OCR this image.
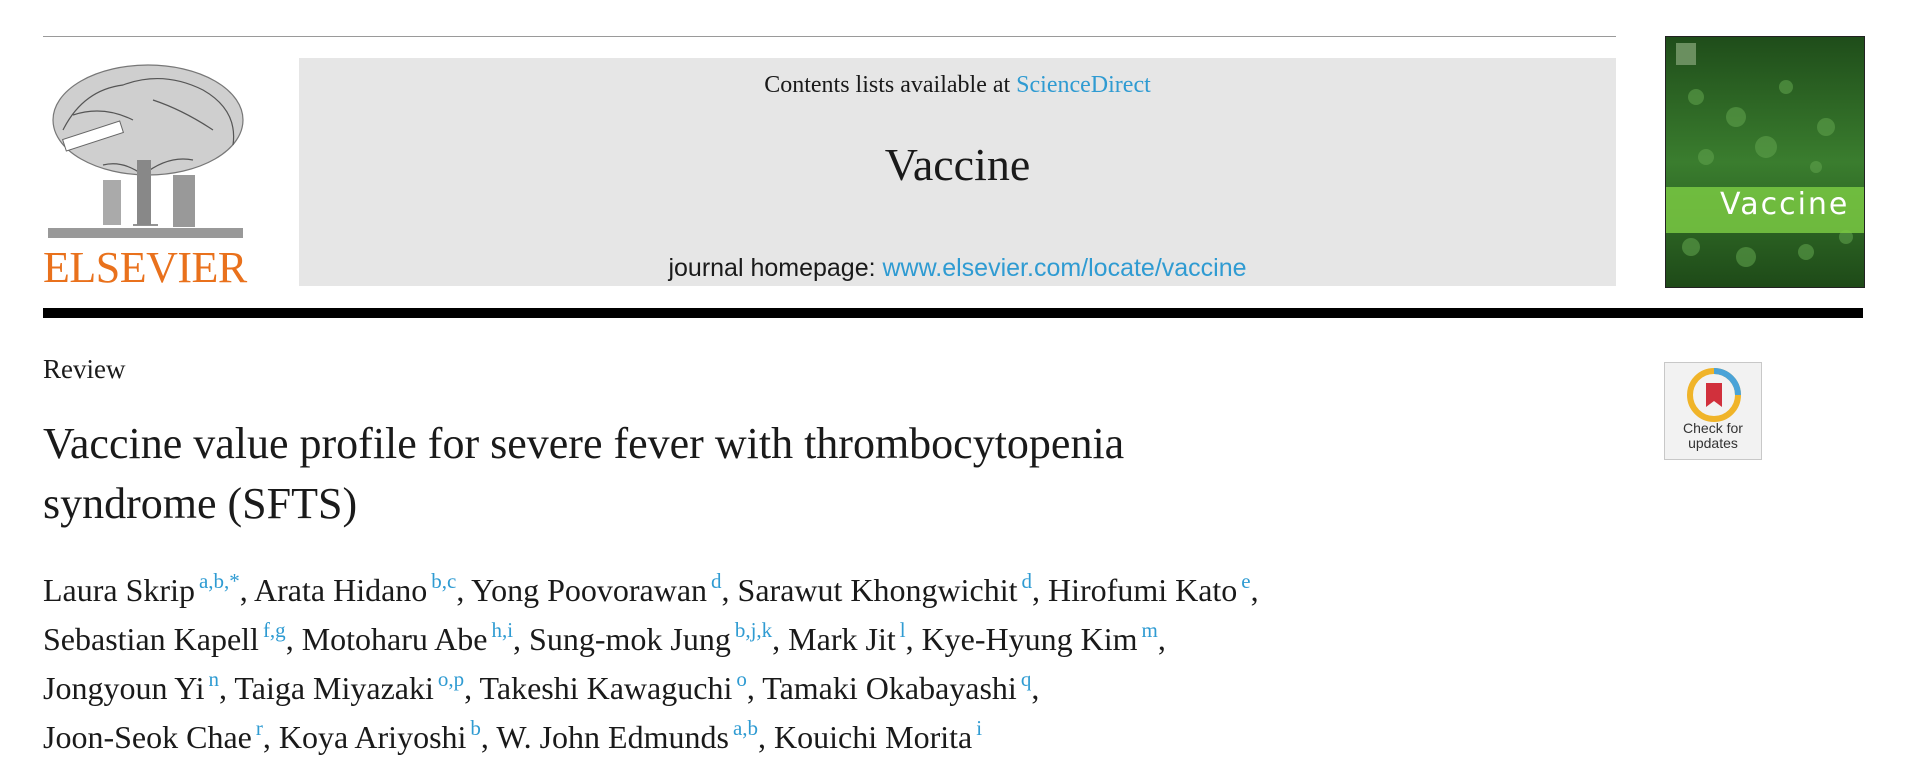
ELSEVIER
Contents lists available at ScienceDirect
Vaccine
journal homepage: www.elsevier.com/locate/vaccine
Vaccine
Review
Check for
updates
Vaccine value profile for severe fever with thrombocytopenia
syndrome (SFTS)
Laura Skrip $^{a,b,*}$, Arata Hidano $^{b,c}$, Yong Poovorawan $^d$, Sarawut Khongwichit $^d$, Hirofumi Kato $^e$,
Sebastian Kapell $^{f,g}$, Motoharu Abe $^{h,i}$, Sung-mok Jung $^{b,j,k}$, Mark Jit $^l$, Kye-Hyung Kim $^m$,
Jongyoun Yi $^n$, Taiga Miyazaki $^{o,p}$, Takeshi Kawaguchi $^o$, Tamaki Okabayashi $^q$,
Joon-Seok Chae $^r$, Koya Ariyoshi $^b$, W. John Edmunds $^{a,b}$, Kouichi Morita $^i$
